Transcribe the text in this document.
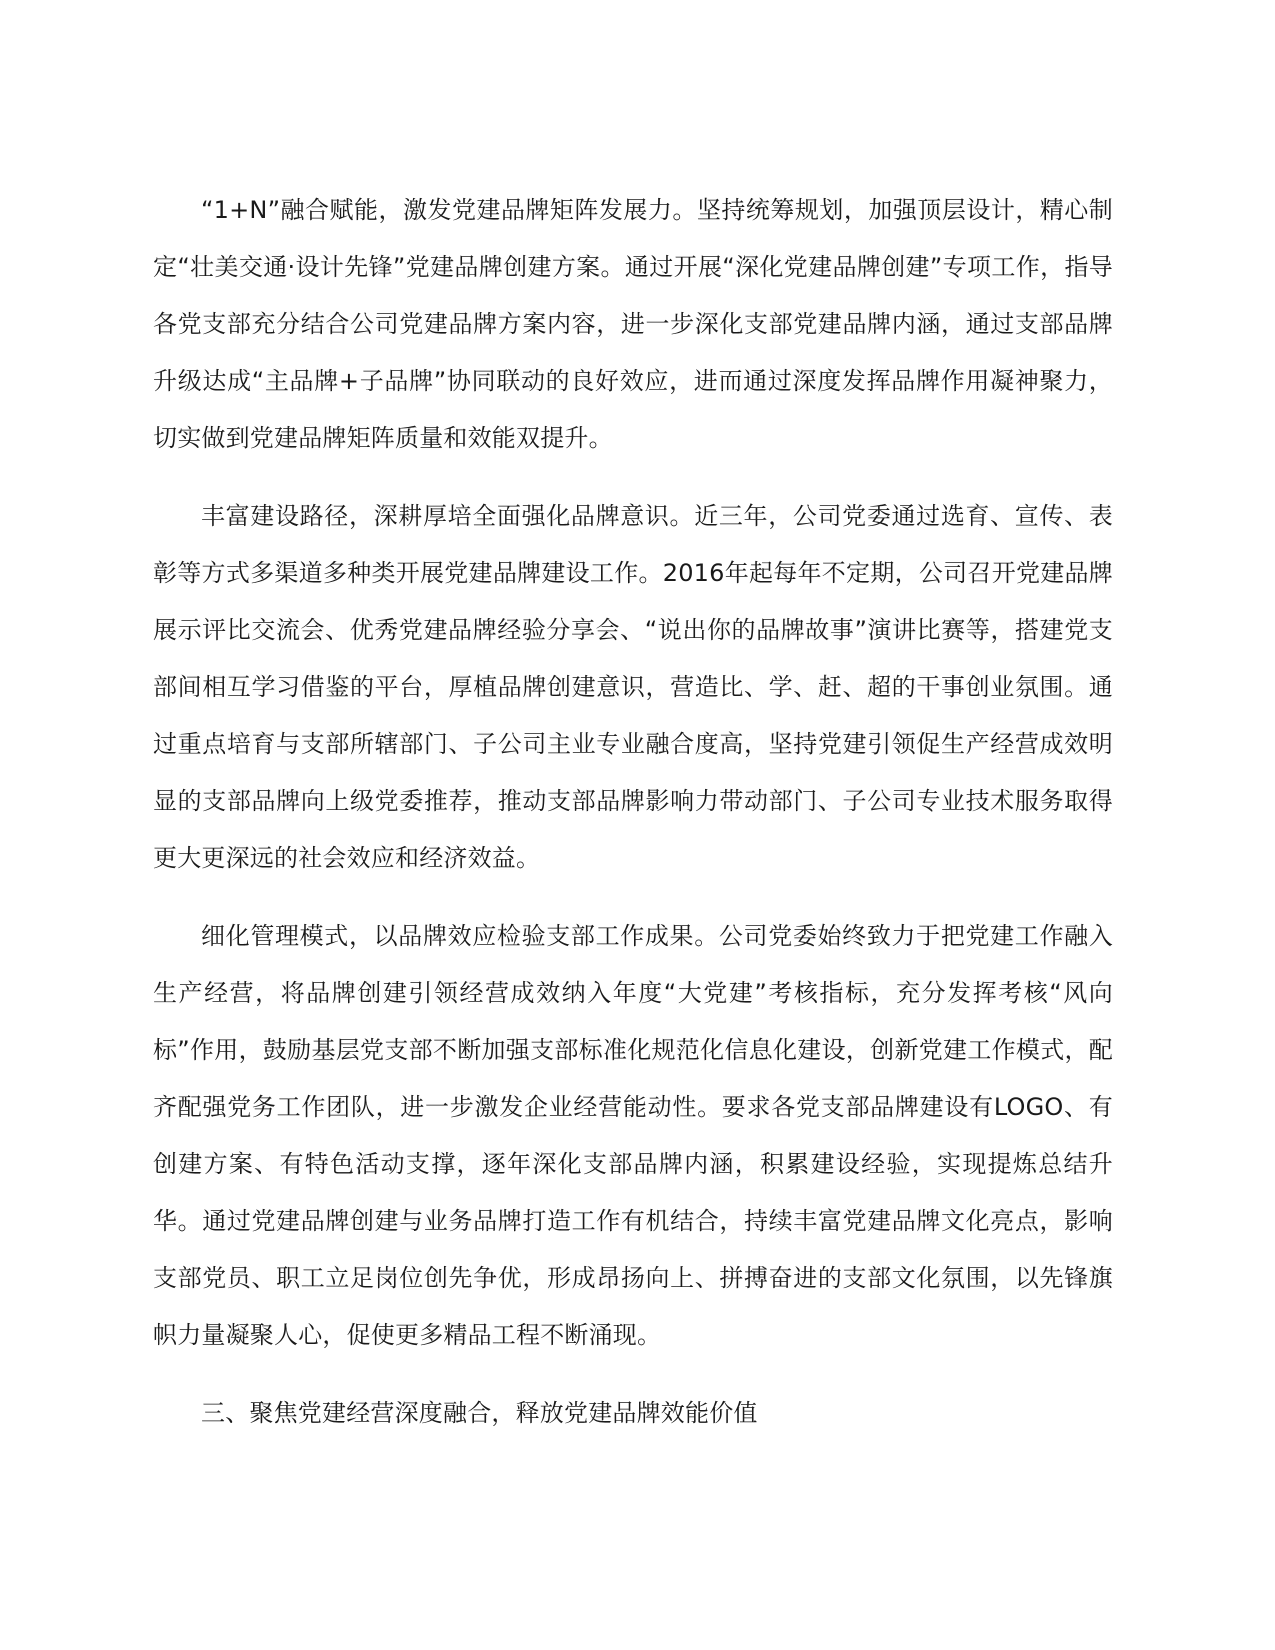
“1+N”融合赋能，激发党建品牌矩阵发展力。坚持统筹规划，加强顶层设计，精心制定“壮美交通·设计先锋”党建品牌创建方案。通过开展“深化党建品牌创建”专项工作，指导各党支部充分结合公司党建品牌方案内容，进一步深化支部党建品牌内涵，通过支部品牌升级达成“主品牌+子品牌”协同联动的良好效应，进而通过深度发挥品牌作用凝神聚力，切实做到党建品牌矩阵质量和效能双提升。

丰富建设路径，深耕厚培全面强化品牌意识。近三年，公司党委通过选育、宣传、表彰等方式多渠道多种类开展党建品牌建设工作。2016年起每年不定期，公司召开党建品牌展示评比交流会、优秀党建品牌经验分享会、“说出你的品牌故事”演讲比赛等，搭建党支部间相互学习借鉴的平台，厚植品牌创建意识，营造比、学、赶、超的干事创业氛围。通过重点培育与支部所辖部门、子公司主业专业融合度高，坚持党建引领促生产经营成效明显的支部品牌向上级党委推荐，推动支部品牌影响力带动部门、子公司专业技术服务取得更大更深远的社会效应和经济效益。

细化管理模式，以品牌效应检验支部工作成果。公司党委始终致力于把党建工作融入生产经营，将品牌创建引领经营成效纳入年度“大党建”考核指标，充分发挥考核“风向标”作用，鼓励基层党支部不断加强支部标准化规范化信息化建设，创新党建工作模式，配齐配强党务工作团队，进一步激发企业经营能动性。要求各党支部品牌建设有LOGO、有创建方案、有特色活动支撑，逐年深化支部品牌内涵，积累建设经验，实现提炼总结升华。通过党建品牌创建与业务品牌打造工作有机结合，持续丰富党建品牌文化亮点，影响支部党员、职工立足岗位创先争优，形成昂扬向上、拼搏奋进的支部文化氛围，以先锋旗帜力量凝聚人心，促使更多精品工程不断涌现。

三、聚焦党建经营深度融合，释放党建品牌效能价值
